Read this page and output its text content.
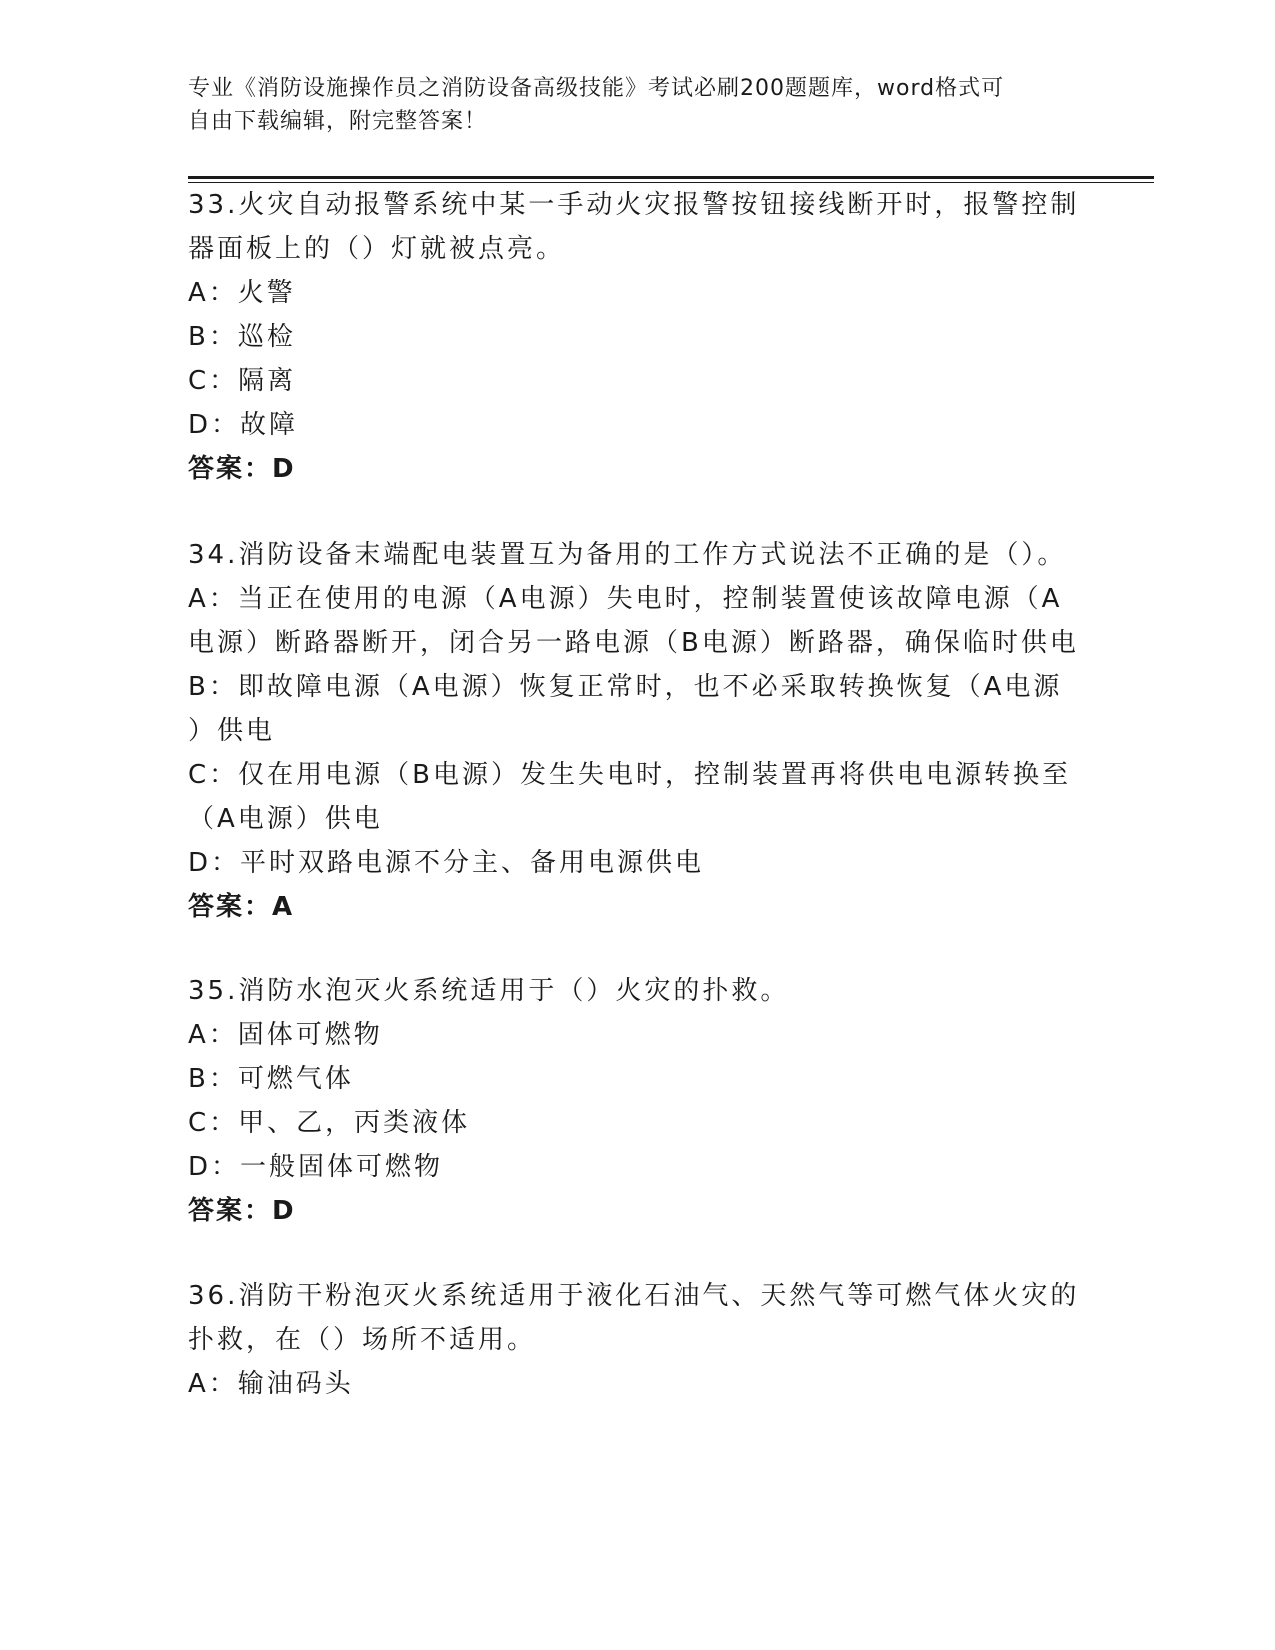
专业《消防设施操作员之消防设备高级技能》考试必刷200题题库，word格式可
自由下载编辑，附完整答案！
33.火灾自动报警系统中某一手动火灾报警按钮接线断开时，报警控制
器面板上的（）灯就被点亮。
A：火警
B：巡检
C：隔离
D：故障
答案：D
34.消防设备末端配电装置互为备用的工作方式说法不正确的是（）。
A：当正在使用的电源（A电源）失电时，控制装置使该故障电源（A
电源）断路器断开，闭合另一路电源（B电源）断路器，确保临时供电
B：即故障电源（A电源）恢复正常时，也不必采取转换恢复（A电源
）供电
C：仅在用电源（B电源）发生失电时，控制装置再将供电电源转换至
（A电源）供电
D：平时双路电源不分主、备用电源供电
答案：A
35.消防水泡灭火系统适用于（）火灾的扑救。
A：固体可燃物
B：可燃气体
C：甲、乙，丙类液体
D：一般固体可燃物
答案：D
36.消防干粉泡灭火系统适用于液化石油气、天然气等可燃气体火灾的
扑救，在（）场所不适用。
A：输油码头
